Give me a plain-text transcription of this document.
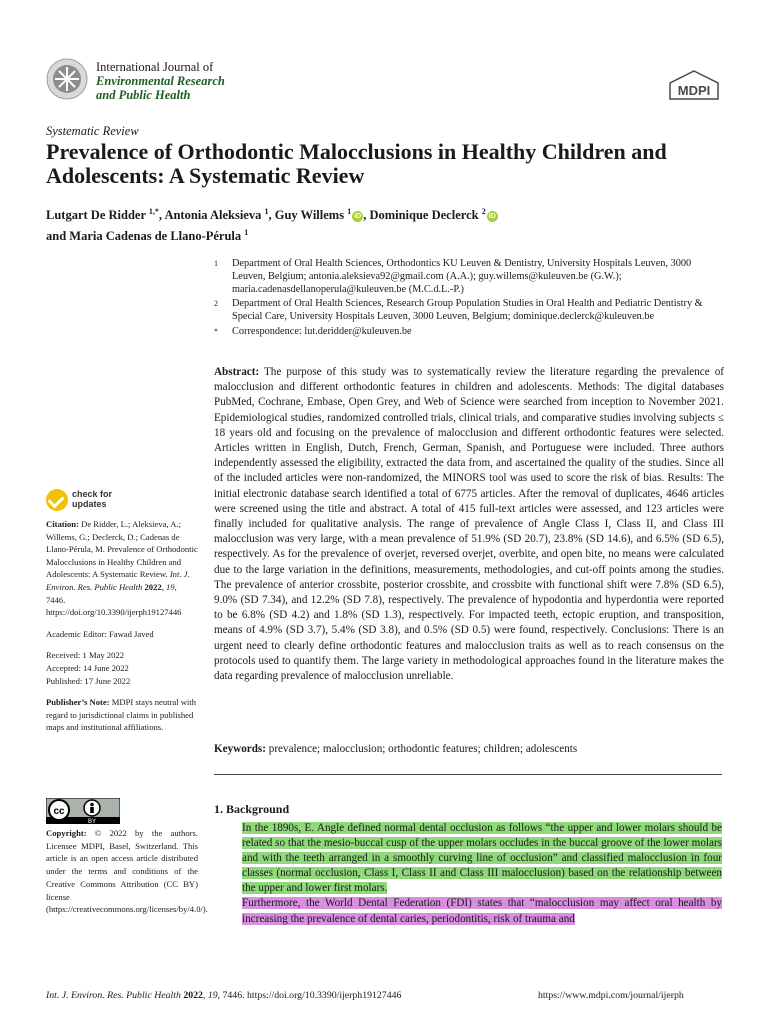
International Journal of
Environmental Research
and Public Health	MDPI
Systematic Review
Prevalence of Orthodontic Malocclusions in Healthy Children and Adolescents: A Systematic Review
Lutgart De Ridder $^{1,*}$, Antonia Aleksieva $^1$, Guy Willems $^1$iD , Dominique Declerck $^2$iD
and Maria Cadenas de Llano-Pérula $^1$
1	Department of Oral Health Sciences, Orthodontics KU Leuven & Dentistry, University Hospitals Leuven, 3000 Leuven, Belgium; antonia.aleksieva92@gmail.com (A.A.); guy.willems@kuleuven.be (G.W.); maria.cadenasdellanoperula@kuleuven.be (M.C.d.L.-P.)
2	Department of Oral Health Sciences, Research Group Population Studies in Oral Health and Pediatric Dentistry & Special Care, University Hospitals Leuven, 3000 Leuven, Belgium; dominique.declerck@kuleuven.be
*	Correspondence: lut.deridder@kuleuven.be
Abstract: The purpose of this study was to systematically review the literature regarding the prevalence of malocclusion and different orthodontic features in children and adolescents. Methods: The digital databases PubMed, Cochrane, Embase, Open Grey, and Web of Science were searched from inception to November 2021. Epidemiological studies, randomized controlled trials, clinical trials, and comparative studies involving subjects ≤ 18 years old and focusing on the prevalence of malocclusion and different orthodontic features were selected. Articles written in English, Dutch, French, German, Spanish, and Portuguese were included. Three authors independently assessed the eligibility, extracted the data from, and ascertained the quality of the studies. Since all of the included articles were non-randomized, the MINORS tool was used to score the risk of bias. Results: The initial electronic database search identified a total of 6775 articles. After the removal of duplicates, 4646 articles were screened using the title and abstract. A total of 415 full-text articles were assessed, and 123 articles were finally included for qualitative analysis. The range of prevalence of Angle Class I, Class II, and Class III malocclusion was very large, with a mean prevalence of 51.9% (SD 20.7), 23.8% (SD 14.6), and 6.5% (SD 6.5), respectively. As for the prevalence of overjet, reversed overjet, overbite, and open bite, no means were calculated due to the large variation in the definitions, measurements, methodologies, and cut-off points among the studies. The prevalence of anterior crossbite, posterior crossbite, and crossbite with functional shift were 7.8% (SD 6.5), 9.0% (SD 7.34), and 12.2% (SD 7.8), respectively. The prevalence of hypodontia and hyperdontia were reported to be 6.8% (SD 4.2) and 1.8% (SD 1.3), respectively. For impacted teeth, ectopic eruption, and transposition, means of 4.9% (SD 3.7), 5.4% (SD 3.8), and 0.5% (SD 0.5) were found, respectively. Conclusions: There is an urgent need to clearly define orthodontic features and malocclusion traits as well as to reach consensus on the protocols used to quantify them. The large variety in methodological approaches found in the literature makes the data regarding prevalence of malocclusion unreliable.
Keywords: prevalence; malocclusion; orthodontic features; children; adolescents
1. Background
In the 1890s, E. Angle defined normal dental occlusion as follows “the upper and lower molars should be related so that the mesio-buccal cusp of the upper molars occludes in the buccal groove of the lower molars and with the teeth arranged in a smoothly curving line of occlusion” and classified malocclusion in four classes (normal occlusion, Class I, Class II and Class III malocclusion) based on the relationship between the upper and lower first molars.
Furthermore, the World Dental Federation (FDI) states that “malocclusion may affect oral health by increasing the prevalence of dental caries, periodontitis, risk of trauma and
check for
updates

Citation: De Ridder, L.; Aleksieva, A.; Willems, G.; Declerck, D.; Cadenas de Llano-Pérula, M. Prevalence of Orthodontic Malocclusions in Healthy Children and Adolescents: A Systematic Review. Int. J. Environ. Res. Public Health 2022, 19, 7446. https://doi.org/10.3390/ijerph19127446

Academic Editor: Fawad Javed

Received: 1 May 2022
Accepted: 14 June 2022
Published: 17 June 2022

Publisher’s Note: MDPI stays neutral with regard to jurisdictional claims in published maps and institutional affiliations.

cc
BY
Copyright: © 2022 by the authors. Licensee MDPI, Basel, Switzerland. This article is an open access article distributed under the terms and conditions of the Creative Commons Attribution (CC BY) license (https://creativecommons.org/licenses/by/4.0/).
Int. J. Environ. Res. Public Health 2022, 19, 7446. https://doi.org/10.3390/ijerph19127446	https://www.mdpi.com/journal/ijerph
